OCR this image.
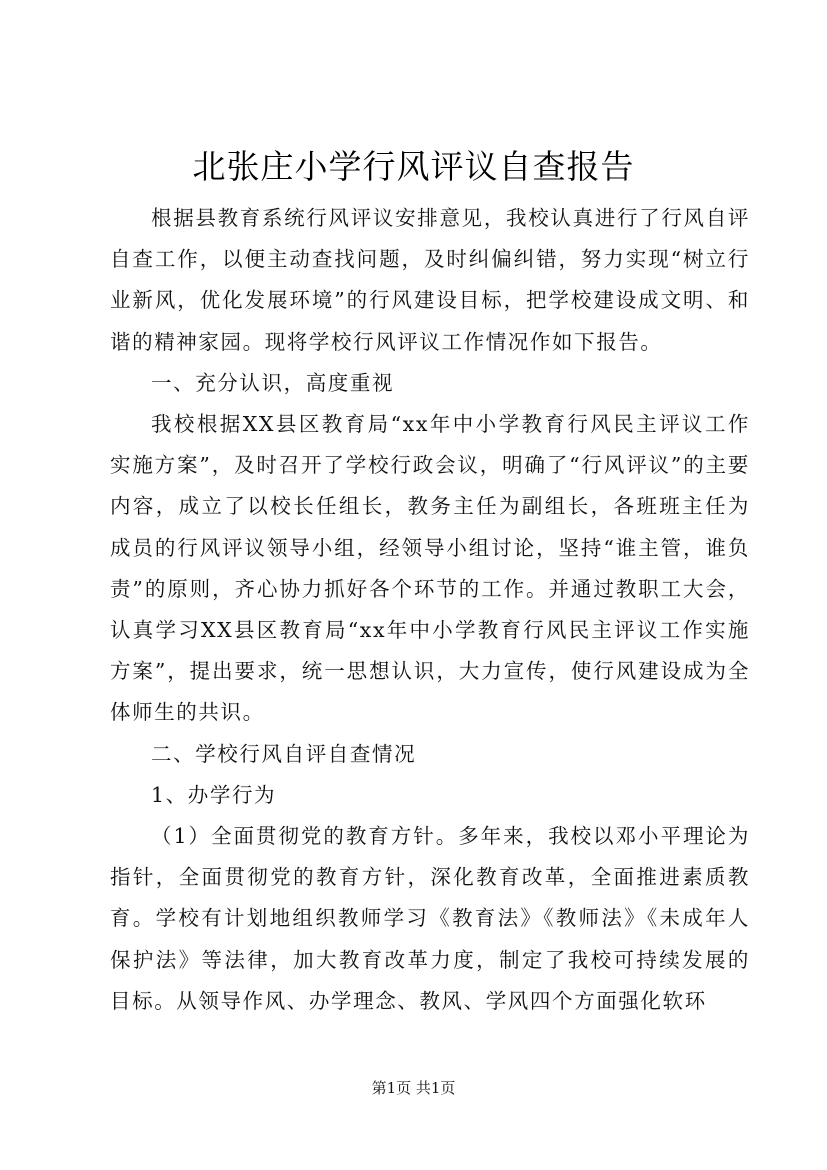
北张庄小学行风评议自查报告

根据县教育系统行风评议安排意见，我校认真进行了行风自评自查工作，以便主动查找问题，及时纠偏纠错，努力实现“树立行业新风，优化发展环境”的行风建设目标，把学校建设成文明、和谐的精神家园。现将学校行风评议工作情况作如下报告。

一、充分认识，高度重视

我校根据XX县区教育局“xx年中小学教育行风民主评议工作实施方案”，及时召开了学校行政会议，明确了“行风评议”的主要内容，成立了以校长任组长，教务主任为副组长，各班班主任为成员的行风评议领导小组，经领导小组讨论，坚持“谁主管，谁负责”的原则，齐心协力抓好各个环节的工作。并通过教职工大会，认真学习XX县区教育局“xx年中小学教育行风民主评议工作实施方案”，提出要求，统一思想认识，大力宣传，使行风建设成为全体师生的共识。

二、学校行风自评自查情况

1、办学行为

（1）全面贯彻党的教育方针。多年来，我校以邓小平理论为指针，全面贯彻党的教育方针，深化教育改革，全面推进素质教育。学校有计划地组织教师学习《教育法》《教师法》《未成年人保护法》等法律，加大教育改革力度，制定了我校可持续发展的目标。从领导作风、办学理念、教风、学风四个方面强化软环

第1页 共1页
